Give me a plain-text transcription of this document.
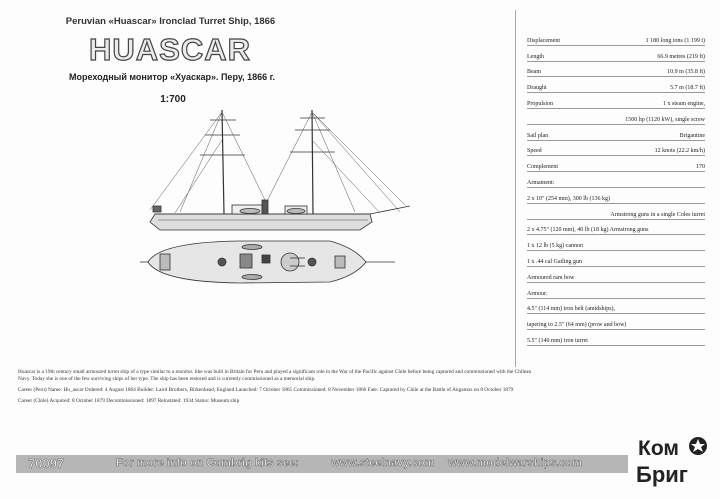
Peruvian «Huascar» Ironclad Turret Ship, 1866
HUASCAR
Мореходный монитор «Хуаскар». Перу, 1866 г.
1:700
Displacement	1 180 long tons (1 199 t)
Length	66.9 metres (219 ft)
Beam	10.9 m (35.8 ft)
Draught	5.7 m (18.7 ft)
Propulsion	1 x steam engine,
1500 hp (1120 kW), single screw
Sail plan	Brigantine
Speed	12 knots (22.2 km/h)
Complement	170
Armament:
2 x 10" (254 mm), 300 lb (136 kg)
Armstrong guns in a single Coles turret
2 x 4.75" (120 mm), 40 lb (18 kg) Armstrong guns
1 x 12 lb (5 kg) cannon
1 x .44 cal Gatling gun
Armoured ram bow
Armour:
4.5" (114 mm) iron belt (amidships),
tapering to 2.5" (64 mm) (prow and bow)
5.5" (140 mm) iron turret

Huascar is a 19th century small armoured turret ship of a type similar to a monitor. She was built in Britain for Peru and played a significant role in the War of the Pacific against Chile before being captured and commissioned with the Chilean Navy. Today she is one of the few surviving ships of her type. The ship has been restored and is currently commissioned as a memorial ship.

Career (Peru) Name: Hu_ascar Ordered: 4 August 1864 Builder: Laird Brothers, Birkenhead, England Launched: 7 October 1865 Commissioned: 8 November 1866 Fate: Captured by Chile at the Battle of Angamos on 8 October 1879

Career (Chile) Acquired: 8 October 1879 Decommissioned: 1897 Reinstated: 1934 Status: Museum ship

70097	For more info on Combrig kits see:	www.steelnavy.com www.modelwarships.com
Ком
Бриг
